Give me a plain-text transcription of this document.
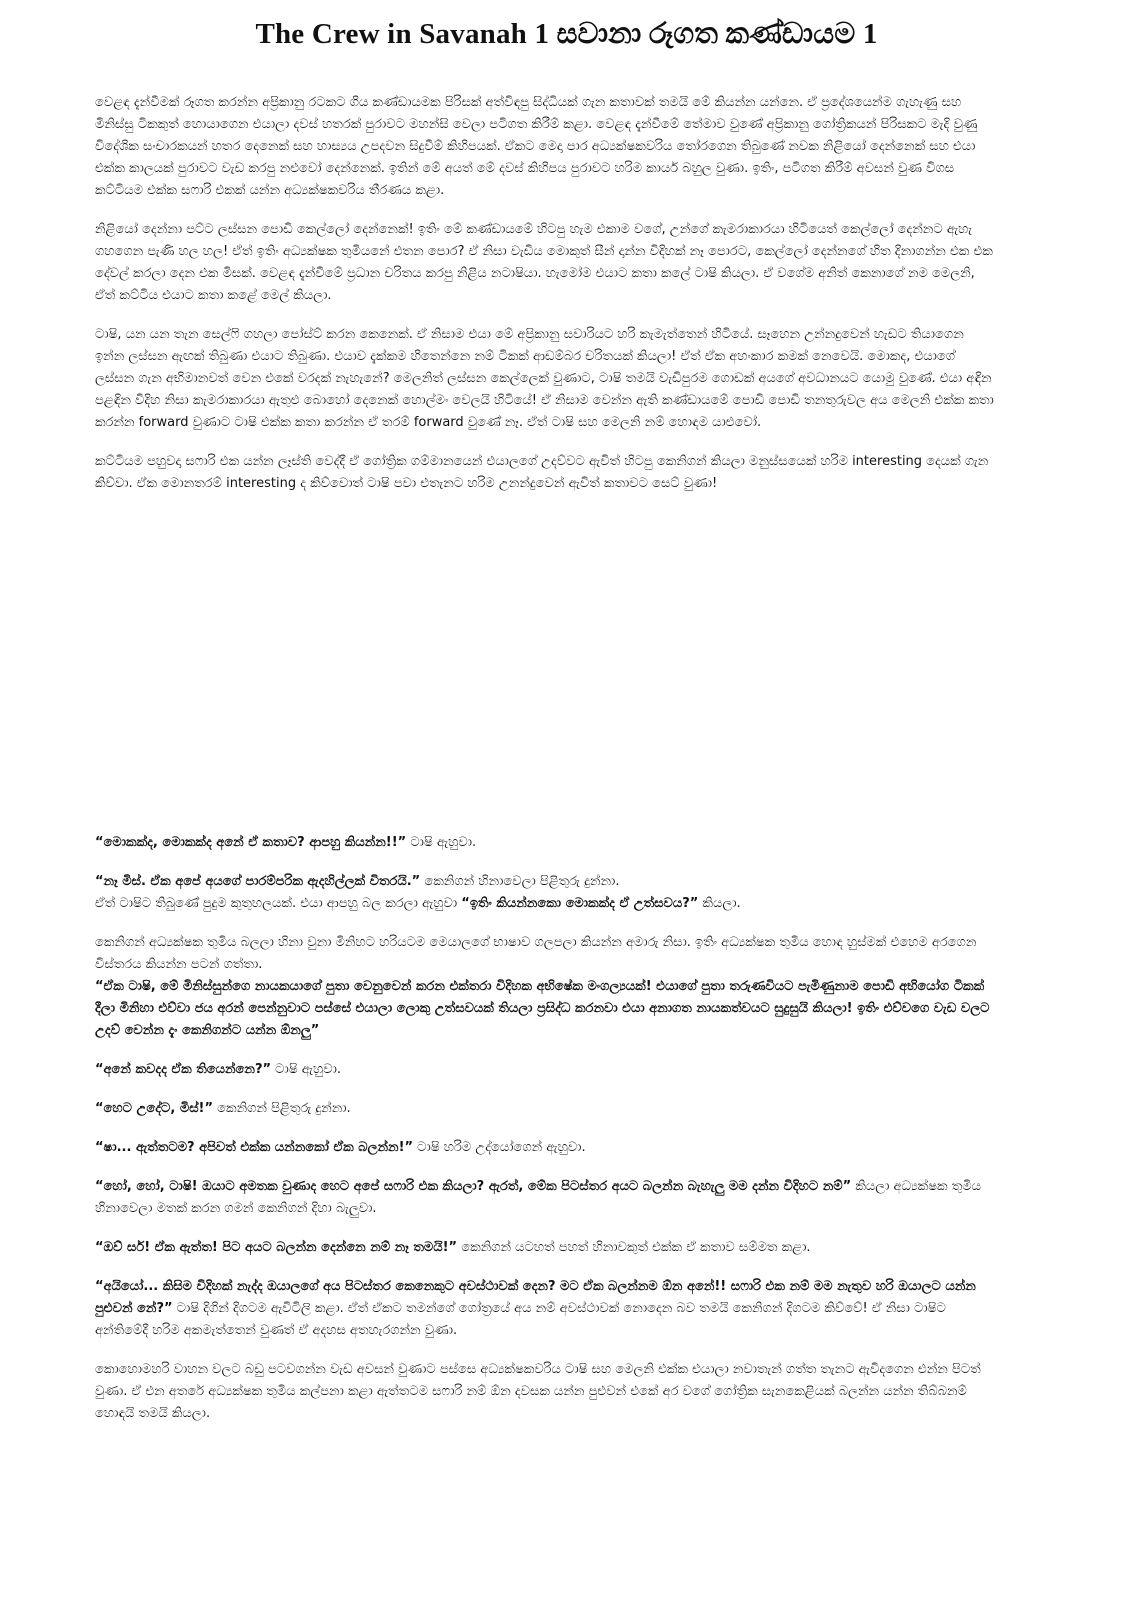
The Crew in Savanah 1 සවානා රූගත කණ්ඩායම 1

වෙළඳ දැන්වීමක් රූගත කරන්න අප්‍රිකානු රටකට ගිය කණ්ඩායමක පිරිසක් අත්විඳපු සිද්ධියක් ගැන කතාවක් තමයි මේ කියන්න යන්නෙ. ඒ ප්‍රදේශයෙන්ම ගැහැණු සහ මිනිස්සු ටිකකුත් හොයාගෙන එයාලා දවස් හතරක් පුරාවට මහන්සි වෙලා පටිගත කිරීම් කළා. වෙළඳ දැන්වීමේ තේමාව වුණේ අප්‍රිකානු ගෝත්‍රිකයන් පිරිසකට මැදි වුණු විදේශික සංචාරකයන් හතර දෙනෙක් සහ හාස්‍යය උපදවන සිදුවීම් කිහිපයක්. ඒකට මෙදා පාර අධ්‍යක්ෂකවරිය තෝරගෙන තිබුණේ නවක නිළියෝ දෙන්නෙක් සහ එයා එක්ක කාලයක් පුරාවට වැඩ කරපු නළුවෝ දෙන්නෙක්. ඉතින් මේ අයත් මේ දවස් කිහිපය පුරාවට හරිම කාර්ය බහුල වුණා. ඉතිං, පටිගත කිරීම් අවසන් වුණ විගස කට්ටියම එක්ක සෆාරි එකක් යන්න අධ්‍යක්ෂකවරිය තීරණය කළා.

නිළියෝ දෙන්නා පට්ට ලස්සන පොඩි කෙල්ලෝ දෙන්නෙක්! ඉතිං මේ කණ්ඩායමේ හිටපු හැම එකාම වගේ, උන්ගේ කැමරාකාරයා හිටියෙත් කෙල්ලෝ දෙන්නට ඇහැ ගහගෙන පැණි හල හල! ඒත් ඉතිං අධ්‍යක්ෂක තුමියනේ එතන පොර? ඒ නිසා වැඩිය මොකුත් සීන් දාන්න විදිහක් නෑ පොරට, කෙල්ලෝ දෙන්නගේ හිත දිනාගන්න එක එක දේවල් කරලා දෙන එක මිසක්. වෙළඳ දැන්වීමේ ප්‍රධාන චරිතය කරපු නිළිය නටාෂියා. හැමෝම එයාට කතා කලේ ටාෂි කියලා. ඒ වගේම අනිත් කෙනාගේ නම මෙලනි, ඒත් කට්ටිය එයාට කතා කළේ මෙල් කියලා.

ටාෂි, යන යන තැන සෙල්ෆි ගහලා පෝස්ට් කරන කෙනෙක්. ඒ නිසාම එයා මේ අප්‍රිකානු සවාරියට හරි කැමැත්තෙන් හිටියේ. සෑහෙන උන්නදුවෙන් හැඩට තියාගෙන ඉන්න ලස්සන ඇඟක් තිබුණා එයාට තිබුණා. එයාව දැක්කම හිතෙන්නෙ නම් ටිකක් ආඩම්බර චරිතයක් කියලා! ඒත් ඒක අහංකාර කමක් නෙවෙයි. මොකද, එයාගේ ලස්සන ගැන අභිමානවත් වෙන එකේ වරදක් නැහැනේ? මෙලනිත් ලස්සන කෙල්ලෙක් වුණාට, ටාෂි තමයි වැඩිපුරම ගොඩක් අයගේ අවධානයට යොමු වුණේ. එයා අඳින පළඳින විදිහ නිසා කැමරාකාරයා ඇතුළු බොහෝ දෙනෙක් හොල්මං වෙලයි හිටියේ! ඒ නිසාම වෙන්න ඇති කණ්ඩායමේ පොඩි පොඩි තනතුරුවල අය මෙලනි එක්ක කතා කරන්න forward වුණාට ටාෂි එක්ක කතා කරන්න ඒ තරම් forward වුණේ නෑ. ඒත් ටාෂි සහ මෙලනි නම් හොඳම යාළුවෝ.

කට්ටියම පහුවදා සෆාරි එක යන්න ලෑස්ති වෙද්දී ඒ ගෝත්‍රික ගම්මානයෙන් එයාලගේ උදව්වට ඇවිත් හිටපු කෙනිගන් කියලා මනුස්සයෙක් හරිම interesting දෙයක් ගැන කිව්වා. ඒක මොනතරම් interesting ද කිව්වොත් ටාෂි පවා එතැනට හරිම උනන්දුවෙන් ඇවිත් කතාවට සෙට් වුණා!

“මොකක්ද, මොකක්ද අනේ ඒ කතාව? ආපහු කියන්න!!” ටාෂි ඇහුවා.

“නෑ මිස්. ඒක අපේ අයගේ පාරම්පරික ඇදහිල්ලක් විතරයි.” කෙනිගන් හිනාවෙලා පිළිතුරු දුන්නා.
ඒත් ටාෂිට තිබුණේ පුදුම කුතුහලයක්. එයා ආපහු බල කරලා ඇහුවා “ඉතිං කියන්නකො මොකක්ද ඒ උත්සවය?” කියලා.

කෙනිගන් අධ්‍යක්ෂක තුමිය බලලා හිනා වුනා මිනිහට හරියටම මෙයාලගේ භාෂාව ගලපලා කියන්න අමාරු නිසා. ඉතිං අධ්‍යක්ෂක තුමිය හොඳ හුස්මක් එහෙම අරගෙන විස්තරය කියන්න පටන් ගත්තා.

“ඒක ටාෂි, මේ මිනිස්සුන්ගෙ නායකයාගේ පුතා වෙනුවෙන් කරන එක්තරා විදිහක අභිෂේක මංගල්‍යයක්! එයාගේ පුතා තරුණවියට පැමිණුනාම පොඩි අභියෝග ටිකක් දීලා මිනිහා එව්වා ජය අරන් පෙන්නුවාට පස්සේ එයාලා ලොකු උත්සවයක් තියලා ප්‍රසිද්ධ කරනවා එයා අනාගත නායකත්වයට සුදුසුයි කියලා! ඉතිං එව්වගෙ වැඩ වලට උදව් වෙන්න දැං කෙනිගන්ට යන්න ඕනලු”

“අනේ කවදද ඒක තියෙන්නෙ?” ටාෂි ඇහුවා.

“හෙට උදේට, මිස්!” කෙනිගන් පිළිතුරු දුන්නා.

“ෂා... ඇත්තටම? අපිවත් එක්ක යන්නකෝ ඒක බලන්න!” ටාෂි හරිම උද්යෝගෙන් ඇහුවා.

“හෝ, හෝ, ටාෂි! ඔයාට අමතක වුණාද හෙට අපේ සෆාරි එක කියලා? ඇරත්, මේක පිටස්තර අයට බලන්න බැහැලු මම දන්න විදිහට නම්” කියලා අධ්‍යක්ෂක තුමිය හිනාවෙලා මතක් කරන ගමන් කෙනිගන් දිහා බැලුවා.

“ඔව් සර්! ඒක ඇත්ත! පිට අයට බලන්න දෙන්නෙ නම් නෑ තමයි!” කෙනිගන් යටහත් පහත් හිනාවකුත් එක්ක ඒ කතාව සම්මත කළා.

“අයියෝ... කිසිම විදිහක් නැද්ද ඔයාලගේ අය පිටස්තර කෙනෙකුට අවස්ථාවක් දෙන? මට ඒක බලන්නම ඕන අනේ!! සෆාරි එක නම් මම නැතුව හරි ඔයාලට යන්න පුළුවන් නේ?” ටාෂි දිගින් දිගටම ඇවිටිලි කළා. ඒත් ඒකට තමන්ගේ ගෝත්‍රයේ අය නම් අවස්ථාවක් නොදෙන බව තමයි කෙනිගන් දිගටම කිව්වේ! ඒ නිසා ටාෂිට අන්තිමේදී හරිම අකමැත්තෙන් වුණත් ඒ අදහස අතහැරගන්න වුණා.

කොහොමහරි වාහන වලට බඩු පටවගන්න වැඩ අවසන් වුණාට පස්සෙ අධ්‍යක්ෂකවරිය ටාෂි සහ මෙලනි එක්ක එයාලා නවාතැන් ගත්ත තැනට ඇවිදගෙන එන්න පිටත් වුණා. ඒ එන අතරේ අධ්‍යක්ෂක තුමිය කල්පනා කළා ඇත්තටම සෆාරි නම් ඕන දවසක යන්න පුළුවන් එකේ අර වගේ ගෝත්‍රික සැනකෙළියක් බලන්න යන්න තිබ්බනම් හොඳයි තමයි කියලා.
